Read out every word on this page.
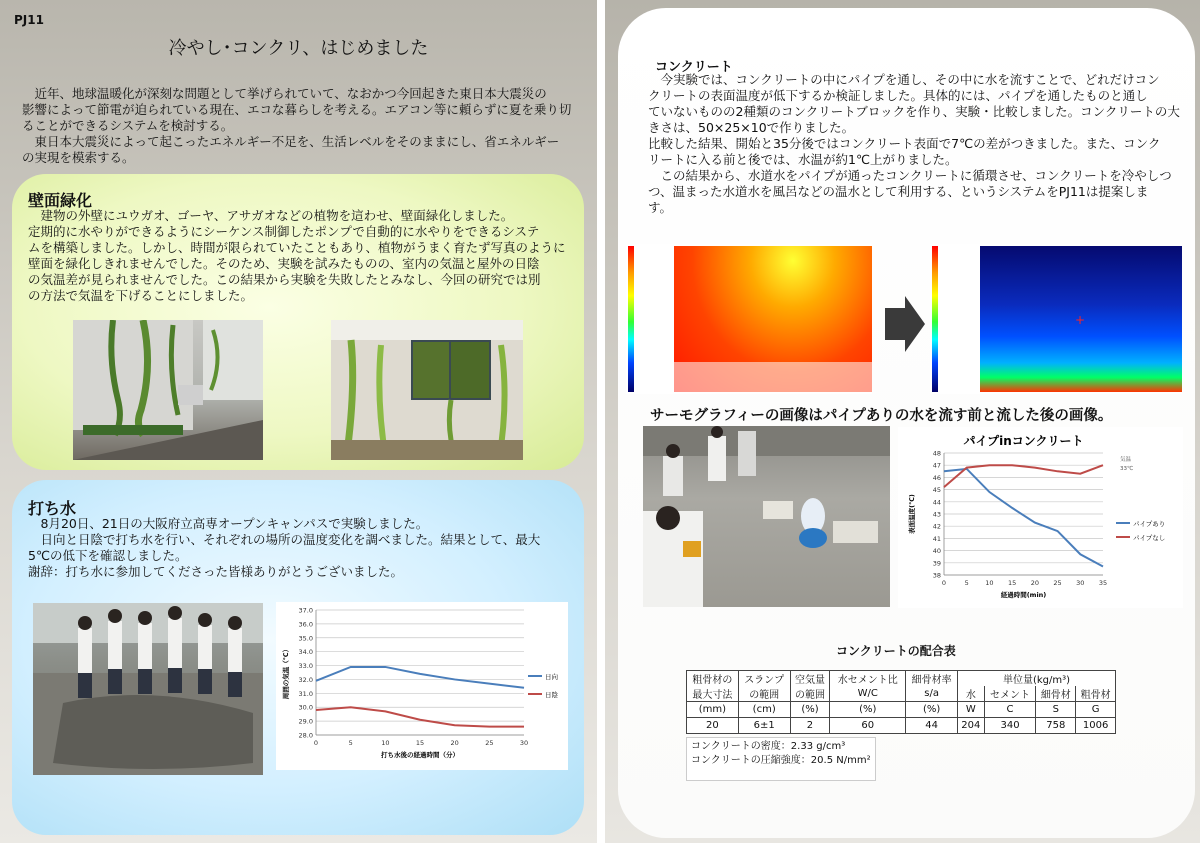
PJ11
冷やし･コンクリ、はじめました
　近年、地球温暖化が深刻な問題として挙げられていて、なおかつ今回起きた東日本大震災の
影響によって節電が迫られている現在、エコな暮らしを考える。エアコン等に頼らずに夏を乗り切
ることができるシステムを検討する。
　東日本大震災によって起こったエネルギー不足を、生活レベルをそのままにし、省エネルギー
の実現を模索する。
壁面緑化
　建物の外壁にユウガオ、ゴーヤ、アサガオなどの植物を這わせ、壁面緑化しました。
定期的に水やりができるようにシーケンス制御したポンプで自動的に水やりをできるシステ
ムを構築しました。しかし、時間が限られていたこともあり、植物がうまく育たず写真のように
壁面を緑化しきれませんでした。そのため、実験を試みたものの、室内の気温と屋外の日陰
の気温差が見られませんでした。この結果から実験を失敗したとみなし、今回の研究では別
の方法で気温を下げることにしました。
打ち水
　8月20日、21日の大阪府立高専オープンキャンパスで実験しました。
　日向と日陰で打ち水を行い、それぞれの場所の温度変化を調べました。結果として、最大
5℃の低下を確認しました。
謝辞：打ち水に参加してくださった皆様ありがとうございました。
37.0
36.0
35.0
34.0
33.0
32.0
31.0
30.0
29.0
28.0
0	5	10	15	20	25	30
打ち水後の経過時間（分）
周囲の気温（℃）	日向
日陰
コンクリート
　今実験では、コンクリートの中にパイプを通し、その中に水を流すことで、どれだけコン
クリートの表面温度が低下するか検証しました。具体的には、パイプを通したものと通し
ていないものの2種類のコンクリートブロックを作り、実験・比較しました。コンクリートの大
きさは、50×25×10で作りました。
比較した結果、開始と35分後ではコンクリート表面で7℃の差がつきました。また、コンク
リートに入る前と後では、水温が約1℃上がりました。
　この結果から、水道水をパイプが通ったコンクリートに循環させ、コンクリートを冷やしつ
つ、温まった水道水を風呂などの温水として利用する、というシステムをPJ11は提案しま
す。
+
サーモグラフィーの画像はパイプありの水を流す前と流した後の画像。
パイプinコンクリート
48
47
46
45
44
43
42
41
40
39
38
0	5	10 15 20 25 30 35
経過時間(min)
表面温度(℃)	パイプあり
パイプなし
気温
33℃
コンクリートの配合表
粗骨材の	スランプ	空気量	水セメント比	細骨材率	単位量(kg/m³)			
最大寸法	の範囲	の範囲	W/C	s/a	水	セメント	細骨材	粗骨材
(mm)	(cm)	(%)	(%)	(%)	W	C	S	G
20	6±1	2	60	44	204	340	758	1006
コンクリートの密度：2.33 g/cm³
コンクリートの圧縮強度：20.5 N/mm²
